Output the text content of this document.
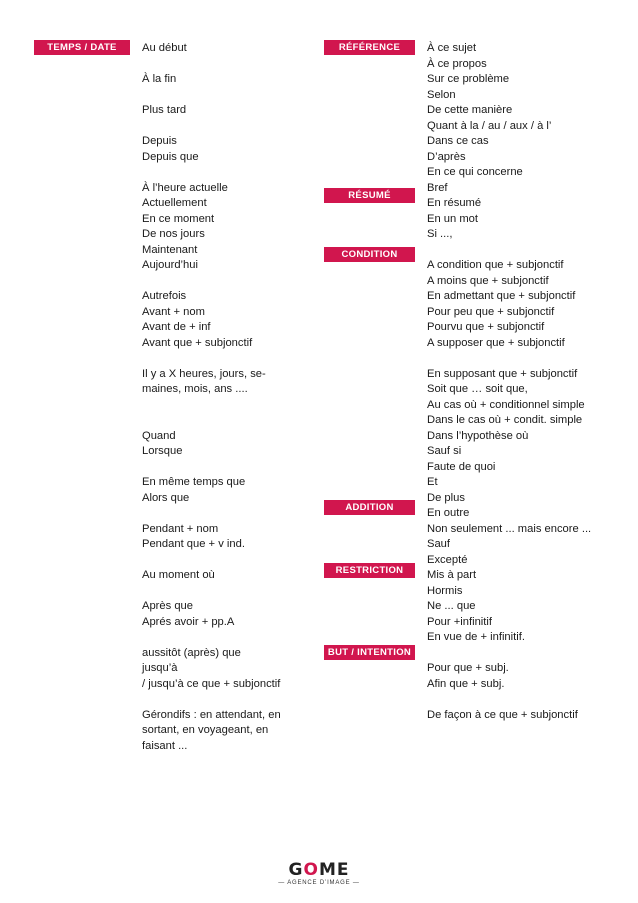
TEMPS / DATE	RÉFÉRENCE
RÉSUMÉ
CONDITION
ADDITION
RESTRICTION
BUT / INTENTION
Au début
À la fin
Plus tard
Depuis
Depuis que
À l’heure actuelle
Actuellement
En ce moment
De nos jours
Maintenant
Aujourd’hui
Autrefois
Avant + nom
Avant de + inf
Avant que + subjonctif
Il y a X heures, jours, se-
maines, mois, ans ....
Quand
Lorsque
En même temps que
Alors que
Pendant + nom
Pendant que + v ind.
Au moment où
Après que
Aprés avoir + pp.A
aussitôt (après) que
jusqu’à
/ jusqu’à ce que + subjonctif
Gérondifs : en attendant, en
sortant, en voyageant, en
faisant ...
À ce sujet
À ce propos
Sur ce problème
Selon
De cette manière
Quant à la / au / aux / à l’
Dans ce cas
D’après
En ce qui concerne
Bref
En résumé
En un mot
Si ...,
A condition que + subjonctif
A moins que + subjonctif
En admettant que + subjonctif
Pour peu que + subjonctif
Pourvu que + subjonctif
A supposer que + subjonctif
En supposant que + subjonctif
Soit que … soit que,
Au cas où + conditionnel simple
Dans le cas où + condit. simple
Dans l’hypothèse où
Sauf si
Faute de quoi
Et
De plus
En outre
Non seulement ... mais encore ...
Sauf
Excepté
Mis à part
Hormis
Ne ... que
Pour +infinitif
En vue de + infinitif.
Pour que + subj.
Afin que + subj.
De façon à ce que + subjonctif
GOME
— AGENCE D’IMAGE —
